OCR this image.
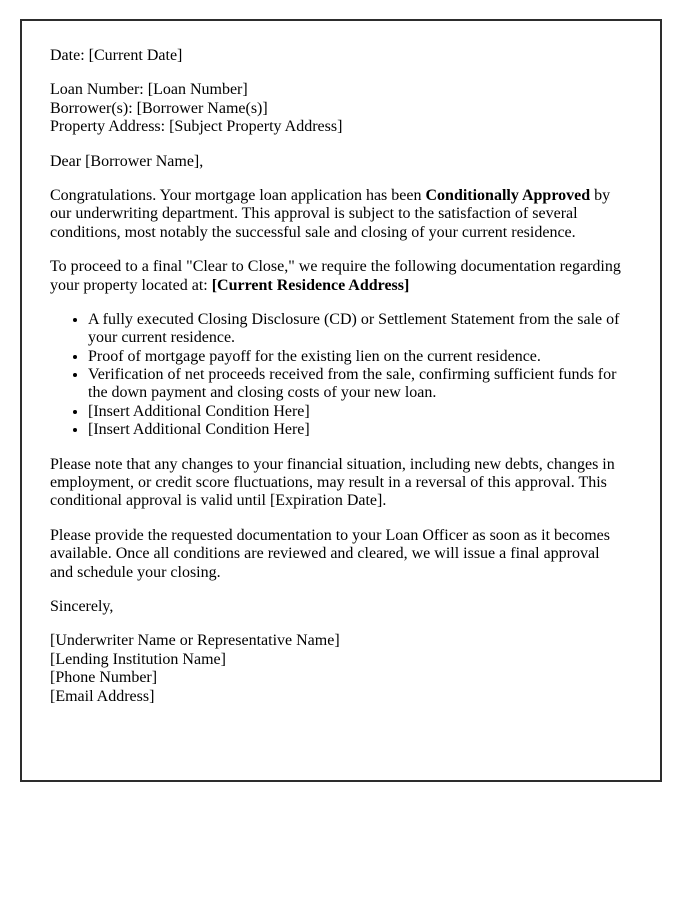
Date: [Current Date]

Loan Number: [Loan Number]
Borrower(s): [Borrower Name(s)]
Property Address: [Subject Property Address]

Dear [Borrower Name],

Congratulations. Your mortgage loan application has been Conditionally Approved by our underwriting department. This approval is subject to the satisfaction of several conditions, most notably the successful sale and closing of your current residence.

To proceed to a final "Clear to Close," we require the following documentation regarding your property located at: [Current Residence Address]

• A fully executed Closing Disclosure (CD) or Settlement Statement from the sale of your current residence.
• Proof of mortgage payoff for the existing lien on the current residence.
• Verification of net proceeds received from the sale, confirming sufficient funds for the down payment and closing costs of your new loan.
• [Insert Additional Condition Here]
• [Insert Additional Condition Here]

Please note that any changes to your financial situation, including new debts, changes in employment, or credit score fluctuations, may result in a reversal of this approval. This conditional approval is valid until [Expiration Date].

Please provide the requested documentation to your Loan Officer as soon as it becomes available. Once all conditions are reviewed and cleared, we will issue a final approval and schedule your closing.

Sincerely,

[Underwriter Name or Representative Name]
[Lending Institution Name]
[Phone Number]
[Email Address]
